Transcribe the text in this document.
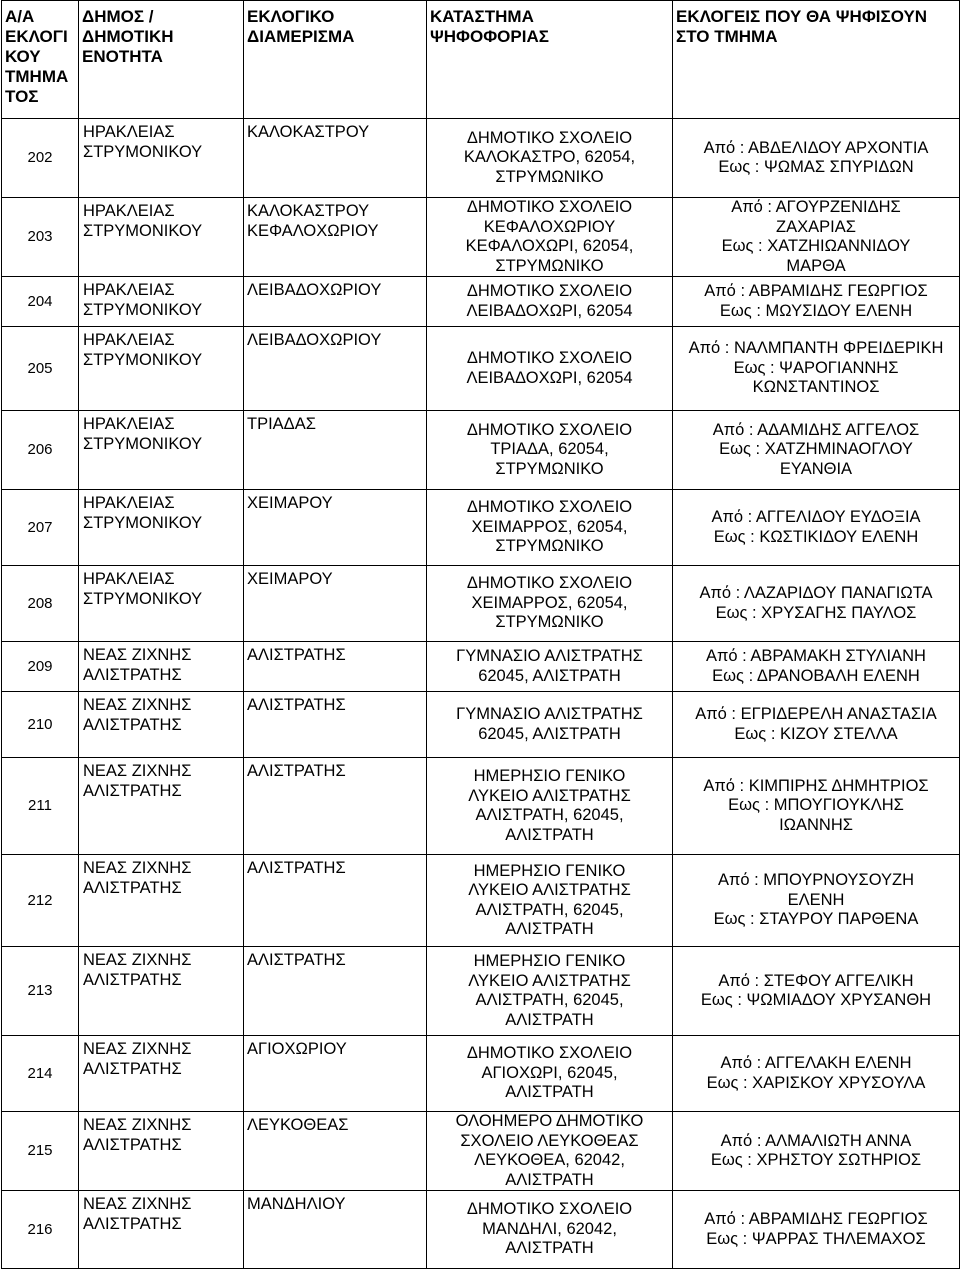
Α/Α
ΕΚΛΟΓΙ
ΚΟΥ
ΤΜΗΜΑ
ΤΟΣ	ΔΗΜΟΣ /
ΔΗΜΟΤΙΚΗ
ΕΝΟΤΗΤΑ	ΕΚΛΟΓΙΚΟ
ΔΙΑΜΕΡΙΣΜΑ	ΚΑΤΑΣΤΗΜΑ
ΨΗΦΟΦΟΡΙΑΣ	ΕΚΛΟΓΕΙΣ ΠΟΥ ΘΑ ΨΗΦΙΣΟΥΝ
ΣΤΟ ΤΜΗΜΑ

202	ΗΡΑΚΛΕΙΑΣ
ΣΤΡΥΜΟΝΙΚΟΥ	ΚΑΛΟΚΑΣΤΡΟΥ	ΔΗΜΟΤΙΚΟ ΣΧΟΛΕΙΟ
ΚΑΛΟΚΑΣΤΡΟ, 62054,
ΣΤΡΥΜΩΝΙΚΟ	Από : ΑΒΔΕΛΙΔΟΥ ΑΡΧΟΝΤΙΑ
Εως : ΨΩΜΑΣ ΣΠΥΡΙΔΩΝ

203	ΗΡΑΚΛΕΙΑΣ
ΣΤΡΥΜΟΝΙΚΟΥ	ΚΑΛΟΚΑΣΤΡΟΥ
ΚΕΦΑΛΟΧΩΡΙΟΥ	ΔΗΜΟΤΙΚΟ ΣΧΟΛΕΙΟ
ΚΕΦΑΛΟΧΩΡΙΟΥ
ΚΕΦΑΛΟΧΩΡΙ, 62054,
ΣΤΡΥΜΩΝΙΚΟ	Από : ΑΓΟΥΡΖΕΝΙΔΗΣ
ΖΑΧΑΡΙΑΣ
Εως : ΧΑΤΖΗΙΩΑΝΝΙΔΟΥ
ΜΑΡΘΑ

204	ΗΡΑΚΛΕΙΑΣ
ΣΤΡΥΜΟΝΙΚΟΥ	ΛΕΙΒΑΔΟΧΩΡΙΟΥ	ΔΗΜΟΤΙΚΟ ΣΧΟΛΕΙΟ
ΛΕΙΒΑΔΟΧΩΡΙ, 62054	Από : ΑΒΡΑΜΙΔΗΣ ΓΕΩΡΓΙΟΣ
Εως : ΜΩΥΣΙΔΟΥ ΕΛΕΝΗ

205	ΗΡΑΚΛΕΙΑΣ
ΣΤΡΥΜΟΝΙΚΟΥ	ΛΕΙΒΑΔΟΧΩΡΙΟΥ	ΔΗΜΟΤΙΚΟ ΣΧΟΛΕΙΟ
ΛΕΙΒΑΔΟΧΩΡΙ, 62054	Από : ΝΑΛΜΠΑΝΤΗ ΦΡΕΙΔΕΡΙΚΗ
Εως : ΨΑΡΟΓΙΑΝΝΗΣ
ΚΩΝΣΤΑΝΤΙΝΟΣ

206	ΗΡΑΚΛΕΙΑΣ
ΣΤΡΥΜΟΝΙΚΟΥ	ΤΡΙΑΔΑΣ	ΔΗΜΟΤΙΚΟ ΣΧΟΛΕΙΟ
ΤΡΙΑΔΑ, 62054,
ΣΤΡΥΜΩΝΙΚΟ	Από : ΑΔΑΜΙΔΗΣ ΑΓΓΕΛΟΣ
Εως : ΧΑΤΖΗΜΙΝΑΟΓΛΟΥ
ΕΥΑΝΘΙΑ

207	ΗΡΑΚΛΕΙΑΣ
ΣΤΡΥΜΟΝΙΚΟΥ	ΧΕΙΜΑΡΟΥ	ΔΗΜΟΤΙΚΟ ΣΧΟΛΕΙΟ
ΧΕΙΜΑΡΡΟΣ, 62054,
ΣΤΡΥΜΩΝΙΚΟ	Από : ΑΓΓΕΛΙΔΟΥ ΕΥΔΟΞΙΑ
Εως : ΚΩΣΤΙΚΙΔΟΥ ΕΛΕΝΗ

208	ΗΡΑΚΛΕΙΑΣ
ΣΤΡΥΜΟΝΙΚΟΥ	ΧΕΙΜΑΡΟΥ	ΔΗΜΟΤΙΚΟ ΣΧΟΛΕΙΟ
ΧΕΙΜΑΡΡΟΣ, 62054,
ΣΤΡΥΜΩΝΙΚΟ	Από : ΛΑΖΑΡΙΔΟΥ ΠΑΝΑΓΙΩΤΑ
Εως : ΧΡΥΣΑΓΗΣ ΠΑΥΛΟΣ

209	ΝΕΑΣ ΖΙΧΝΗΣ
ΑΛΙΣΤΡΑΤΗΣ	ΑΛΙΣΤΡΑΤΗΣ	ΓΥΜΝΑΣΙΟ ΑΛΙΣΤΡΑΤΗΣ
62045, ΑΛΙΣΤΡΑΤΗ	Από : ΑΒΡΑΜΑΚΗ ΣΤΥΛΙΑΝΗ
Εως : ΔΡΑΝΟΒΑΛΗ ΕΛΕΝΗ

210	ΝΕΑΣ ΖΙΧΝΗΣ
ΑΛΙΣΤΡΑΤΗΣ	ΑΛΙΣΤΡΑΤΗΣ	ΓΥΜΝΑΣΙΟ ΑΛΙΣΤΡΑΤΗΣ
62045, ΑΛΙΣΤΡΑΤΗ	Από : ΕΓΡΙΔΕΡΕΛΗ ΑΝΑΣΤΑΣΙΑ
Εως : ΚΙΖΟΥ ΣΤΕΛΛΑ

211	ΝΕΑΣ ΖΙΧΝΗΣ
ΑΛΙΣΤΡΑΤΗΣ	ΑΛΙΣΤΡΑΤΗΣ	ΗΜΕΡΗΣΙΟ ΓΕΝΙΚΟ
ΛΥΚΕΙΟ ΑΛΙΣΤΡΑΤΗΣ
ΑΛΙΣΤΡΑΤΗ, 62045,
ΑΛΙΣΤΡΑΤΗ	Από : ΚΙΜΠΙΡΗΣ ΔΗΜΗΤΡΙΟΣ
Εως : ΜΠΟΥΓΙΟΥΚΛΗΣ
ΙΩΑΝΝΗΣ

212	ΝΕΑΣ ΖΙΧΝΗΣ
ΑΛΙΣΤΡΑΤΗΣ	ΑΛΙΣΤΡΑΤΗΣ	ΗΜΕΡΗΣΙΟ ΓΕΝΙΚΟ
ΛΥΚΕΙΟ ΑΛΙΣΤΡΑΤΗΣ
ΑΛΙΣΤΡΑΤΗ, 62045,
ΑΛΙΣΤΡΑΤΗ	Από : ΜΠΟΥΡΝΟΥΣΟΥΖΗ
ΕΛΕΝΗ
Εως : ΣΤΑΥΡΟΥ ΠΑΡΘΕΝΑ

213	ΝΕΑΣ ΖΙΧΝΗΣ
ΑΛΙΣΤΡΑΤΗΣ	ΑΛΙΣΤΡΑΤΗΣ	ΗΜΕΡΗΣΙΟ ΓΕΝΙΚΟ
ΛΥΚΕΙΟ ΑΛΙΣΤΡΑΤΗΣ
ΑΛΙΣΤΡΑΤΗ, 62045,
ΑΛΙΣΤΡΑΤΗ	Από : ΣΤΕΦΟΥ ΑΓΓΕΛΙΚΗ
Εως : ΨΩΜΙΑΔΟΥ ΧΡΥΣΑΝΘΗ

214	ΝΕΑΣ ΖΙΧΝΗΣ
ΑΛΙΣΤΡΑΤΗΣ	ΑΓΙΟΧΩΡΙΟΥ	ΔΗΜΟΤΙΚΟ ΣΧΟΛΕΙΟ
ΑΓΙΟΧΩΡΙ, 62045,
ΑΛΙΣΤΡΑΤΗ	Από : ΑΓΓΕΛΑΚΗ ΕΛΕΝΗ
Εως : ΧΑΡΙΣΚΟΥ ΧΡΥΣΟΥΛΑ

215	ΝΕΑΣ ΖΙΧΝΗΣ
ΑΛΙΣΤΡΑΤΗΣ	ΛΕΥΚΟΘΕΑΣ	ΟΛΟΗΜΕΡΟ ΔΗΜΟΤΙΚΟ
ΣΧΟΛΕΙΟ ΛΕΥΚΟΘΕΑΣ
ΛΕΥΚΟΘΕΑ, 62042,
ΑΛΙΣΤΡΑΤΗ	Από : ΑΛΜΑΛΙΩΤΗ ΑΝΝΑ
Εως : ΧΡΗΣΤΟΥ ΣΩΤΗΡΙΟΣ

216	ΝΕΑΣ ΖΙΧΝΗΣ
ΑΛΙΣΤΡΑΤΗΣ	ΜΑΝΔΗΛΙΟΥ	ΔΗΜΟΤΙΚΟ ΣΧΟΛΕΙΟ
ΜΑΝΔΗΛΙ, 62042,
ΑΛΙΣΤΡΑΤΗ	Από : ΑΒΡΑΜΙΔΗΣ ΓΕΩΡΓΙΟΣ
Εως : ΨΑΡΡΑΣ ΤΗΛΕΜΑΧΟΣ
